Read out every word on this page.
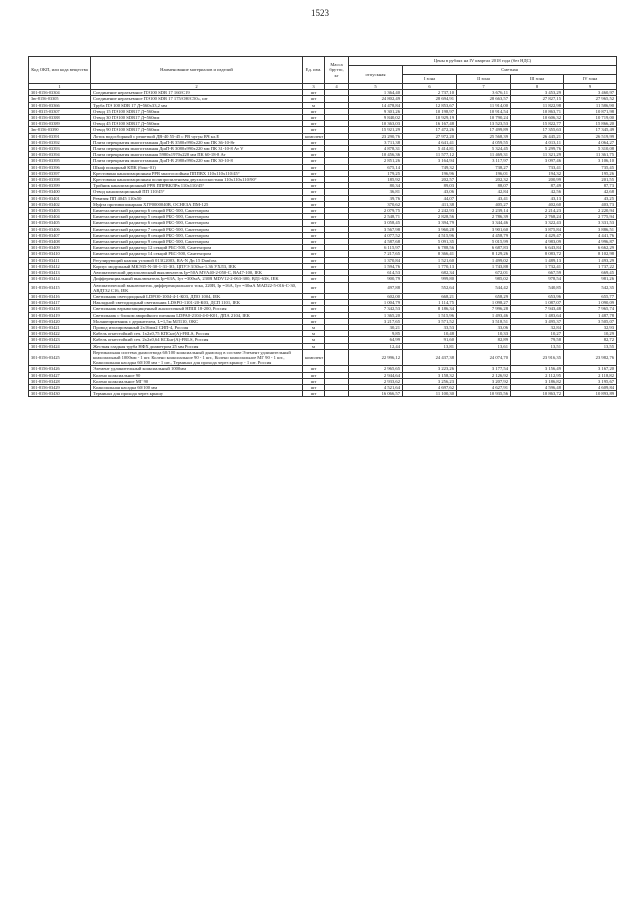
1523
Код ОКП, или кода вещества	Наименование материалов и изделий	Ед. изм.	Масса брутто, кг	Цены в рублях на IV квартал 2018 года (без НДС)				
				отпускная	Сметная			
					I зона	II зона	III зона	IV зона
1	2	3	4	5	6	7	8	9
301-8156-03304	Соединение неразъемное ПЭ100 SDR 17 160/С19	шт		1 364,40	2 737,10	3 676,11	3 453,29	3 460,97
3ю-8156-03305	Соединение неразъемное ПЭ100 SDR 17 175/ОН/С50», шт	шт		24 802,49	28 694,91	28 663,57	27 827,15	27 965,52
301-8156-03366	Труба ПЭ 100 SDR 17 Д=560х33,2 мм	м		14 478,84	12 853,67	11 914,00	11 822,98	11 586,90
301-8315-03307	Отвод 15 ПЭ100 SDR17 Д=560мм	шт		9 301,26	10 198,97	10 914,54	10 863,71	10 871,98
301-8156-03388	Отвод 30 ПЭ100 SDR17 Д=560мм	шт		9 840,02	10 929,19	10 790,24	10 606,32	10 719,00
301-8156-03389	Отвод 45 ПЭ100 SDR17 Д=560мм	шт		10 363,03	16 167,48	13 523,53	15 822,77	15 866,20
3ю-8156-03390	Отвод 90 ПЭ100 SDR17 Д=560мм	шт		15 921,29	17 472,26	17 499,89	17 355,63	17 345,49
301-8156-03391	Лоток водосборный с решеткой ДВ-40 55-45 с РВ чугун ВЧ кл.Е	комплект		23 290,76	27 972,20	25 568,39	26 445,21	26 519,99
301-8156-03392	Плита перекрытия многоэтажная ДшП-В 3580х990х220 мм ПК 36-10-8т	шт		3 711,38	4 641,41	4 059,55	4 013,11	4 064,27
301-8156-03393	Плита перекрытия многоэтажная ДшП-В 3080х990х220 мм ПК 31-10-8 Ат V	шт		4 878,31	5 414,81	5 324,45	5 299,76	5 310,08
301-8156-03394	Плита перекрытия многоэтажная 5980х1970х220 мм ПК 60-18-8 Ат	шт		10 456,36	11 577,12	11 469,31	11 321,29	11 361,75
301-8156-03395	Плита перекрытия многоэтажная ДшП-В 2980х990х220 мм ПК 30-10-8	шт		2 851,26	3 164,94	3 117,97	3 097,46	3 106,10
301-8156-03396	Шкаф пожарный КПК (бокс-01)	шт		675,14	749,32	738,27	733,41	735,45
301-8156-03397	Крестовина канализационная PPR многослойная ПППВХ 110х110х110/45°	шт		179,25	196,96	196,01	194,32	195,26
301-8156-03398	Крестовина канализационная полипропиленовая двухплоскостная 110х110х110/90°	шт		185,92	202,57	202,32	200,99	201,55
301-8156-03399	Тройник канализационный PPR ППРВКЛРв 110х110/45°	шт		80,34	89,03	88,07	87,49	87,73
301-8156-03400	Отвод канализационный ПП 110/45°	шт		36,81	43,06	42,84	42,56	42,68
301-8156-03401	Ревизия ПП 4045 110х50	шт		39,76	44,07	43,41	43,13	43,25
301-8156-03402	Муфта противопожарная ХГР0000040В, ОСНЕЗА ПМ-125	шт		370,62	411,38	405,27	402,60	403,73
301-8156-03403	Биметаллический радиатор 6 секций РБС-500, Сантехпром	шт		2 079,75	2 242,93	2 239,14	2 214,23	2 220,94
301-8156-03404	Биметаллический радиатор 5 секций РБС-500, Сантехпром	шт		2 548,71	2 828,56	2 786,39	2 768,24	2 775,94
301-8156-03405	Биметаллический радиатор 6 секций РБС-500, Сантехпром	шт		3 058,45	3 394,79	3 344,46	3 322,43	3 331,53
301-8156-03406	Биметаллический радиатор 7 секций РБС-500, Сантехпром	шт		3 567,98	3 960,28	3 901,60	3 875,84	3 886,51
301-8156-03407	Биметаллический радиатор 8 секций РБС-500, Сантехпром	шт		4 077,52	4 515,96	4 458,79	4 429,47	4 441,76
301-8156-03408	Биметаллический радиатор 9 секций РБС-500, Сантехпром	шт		4 587,68	5 091,35	5 015,99	4 983,09	4 996,87
301-8156-03409	Биметаллический радиатор 12 секций РБС-500, Сантехпром	шт		6 115,97	6 788,56	6 687,83	6 643,84	6 662,29
301-8156-03410	Биметаллический радиатор 14 секций РБС-500, Сантехпром	шт		7 217,65	8 366,41	8 129,26	8 083,72	8 102,98
301-8156-03411	Регулирующий клапан угловой 013G2003, RA-N Дn 15 Danfoss	шт		1 370,84	1 521,60	1 499,02	1 489,13	1 493,29
301-8156-03412	Корпус модульный МКЭ35-N-30-1-31-ЗО, ЦПУЭ 3/30хл-1.36 УХЛ3, IEK	шт		1 594,76	1 770,13	1 743,88	1 732,41	1 737,22
301-8156-03413	Автоматический двухполюсный выключатель Iр=50A MVA40-2-050-C, ВА47-100, IEK	шт		614,53	682,34	672,01	667,59	669,45
301-8156-03414	Дифференциальный выключатель Iр=63A, Iут =300мА, 230В MDV12-2-063-300, ВД1-63S, IEK	шт		900,79	999,80	985,02	978,54	981,26
301-8156-03415	Автоматический выключатель дифференциального тока, 220В, Iр =16А, Iут =30мА MAD22-5-016-C-30, АВДТ32 С16, IEK	шт		497,88	552,64	544,42	540,85	542,35
301-8156-03416	Светильник светодиодный LDPO0-1004-4-1-К03, ДПО 1004, IEK	шт		602,00	668,21	658,29	653,96	655,77
301-8156-03417	Накладной светодиодный светильник LDSPO-1101-20-К03, ДСП 1101, IEK	шт		1 004,79	1 114,75	1 098,27	1 087,07	1 090,09
301-8156-03418	Светильник взрывозащищенный аналогичный НПШ 18-200, Россия	шт		7 342,53	8 186,34	7 996,28	7 943,48	7 965,74
301-8156-03419	Светильник с блоком аварийного питания LDPA0-2104-4-0-К01, ДПА 2104, IEK	шт		1 365,20	1 515,96	1 493,46	1 483,64	1 487,78
301-8156-03420	Молниеприемник с держателем, L=1,5м МЛ110, ОКС	шт		3 217,65	3 571,52	3 518,51	3 495,37	3 505,07
301-8156-03421	Провод изолированный 2х16мм2 СИП-4, Россия	м		30,21	33,53	33,06	32,84	32,93
301-8156-03422	Кабель огнестойкий сеч. 1х2х0,75 КПСнг(А)-FRLS, Россия	м		9,85	10,48	10,33	10,27	10,29
301-8156-03423	Кабель огнестойкий сеч. 2х2х0,64 КСБнг(А)-FRLS, Россия	м		64,99	91,60	82,89	79,58	82,72
301-8156-03424	Жесткая гладкая труба НФХ диаметром 25 мм Россия	м		12,44	13,81	13,61	13,51	13,55
301-8156-03425	Вертикальная система дымоотвода 60/100 коаксиальный дымоход в составе Элемент удлинительный коаксиальный 1000мм - 1 шт. Колено коаксиальное 90 - 1 шт., Колено коаксиальное МГ 90 - 1 шт., Коаксиальная насадка 60/100 мм - 1 шт., Терминал для прохода через крышу - 1 шт. Россия	комплект		22 996,12	24 437,38	24 074,70	23 916,35	23 982,76
301-8156-03426	Элемент удлинительный коаксиальный 1000мм	шт		2 965,65	3 223,26	3 177,54	3 156,49	3 167,20
301-8156-03427	Колено коаксиальное 90	шт		2 944,64	3 158,32	2 126,92	2 112,95	2 118,82
301-8156-03428	Колено коаксиальное МГ 90	шт		2 933,62	3 256,23	3 207,92	3 186,82	3 195,67
301-8156-03429	Коаксиальная насадка 60/100 мм	шт		4 521,64	4 697,62	4 627,91	4 596,48	4 609,84
301-8156-03430	Терминал для прохода через крышу	шт		16 066,57	11 100,30	10 935,56	10 863,72	10 893,89
